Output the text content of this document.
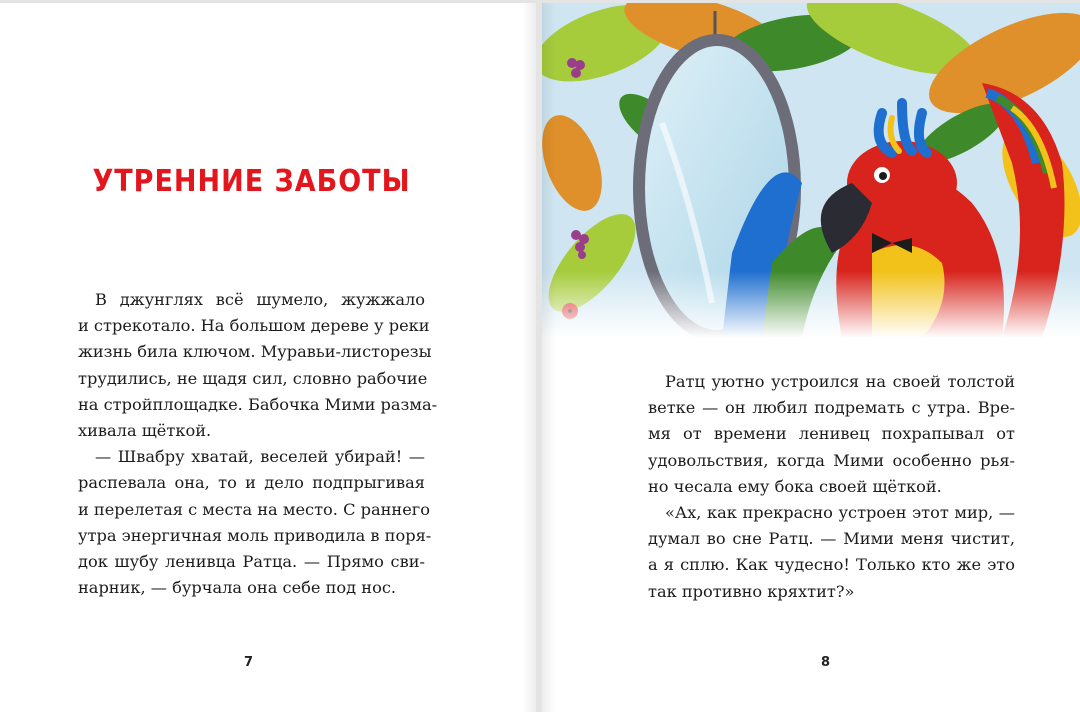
УТРЕННИЕ ЗАБОТЫ
В джунглях всё шумело, жужжало
и стрекотало. На большом дереве у реки
жизнь била ключом. Муравьи-листорезы
трудились, не щадя сил, словно рабочие
на стройплощадке. Бабочка Мими разма-
хивала щёткой.
— Швабру хватай, веселей убирай! —
распевала она, то и дело подпрыгивая
и перелетая с места на место. С раннего
утра энергичная моль приводила в поря-
док шубу ленивца Ратца. — Прямо сви-
нарник, — бурчала она себе под нос.
7
Ратц уютно устроился на своей толстой
ветке — он любил подремать с утра. Вре-
мя от времени ленивец похрапывал от
удовольствия, когда Мими особенно рья-
но чесала ему бока своей щёткой.
«Ах, как прекрасно устроен этот мир, —
думал во сне Ратц. — Мими меня чистит,
а я сплю. Как чудесно! Только кто же это
так противно кряхтит?»
8
